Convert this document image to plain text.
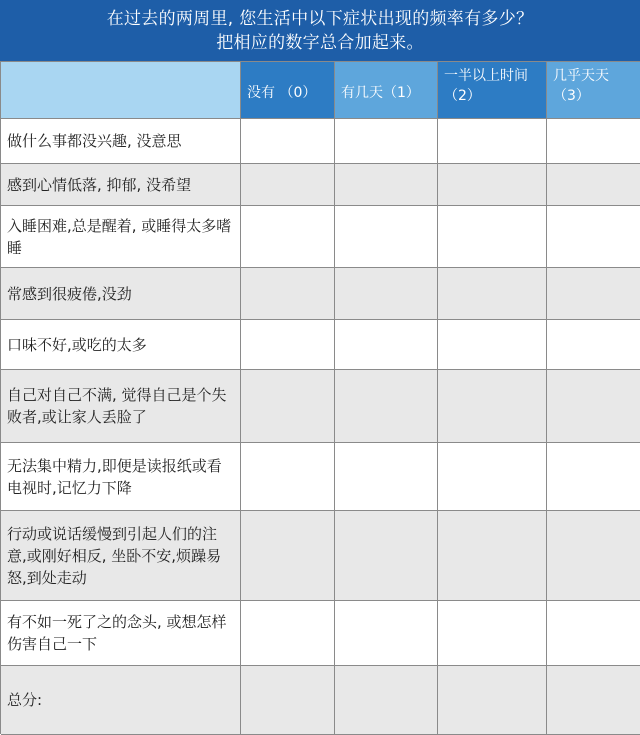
在过去的两周里, 您生活中以下症状出现的频率有多少？
把相应的数字总合加起来。
没有 （0）	有几天（1）
一半以上时间（2）
几乎天天（3）
做什么事都没兴趣, 没意思
感到心情低落, 抑郁, 没希望
入睡困难,总是醒着, 或睡得太多嗜睡
常感到很疲倦,没劲
口味不好,或吃的太多
自己对自己不满, 觉得自己是个失败者,或让家人丢脸了
无法集中精力,即便是读报纸或看电视时,记忆力下降
行动或说话缓慢到引起人们的注意,或刚好相反, 坐卧不安,烦躁易怒,到处走动
有不如一死了之的念头, 或想怎样伤害自己一下
总分:
